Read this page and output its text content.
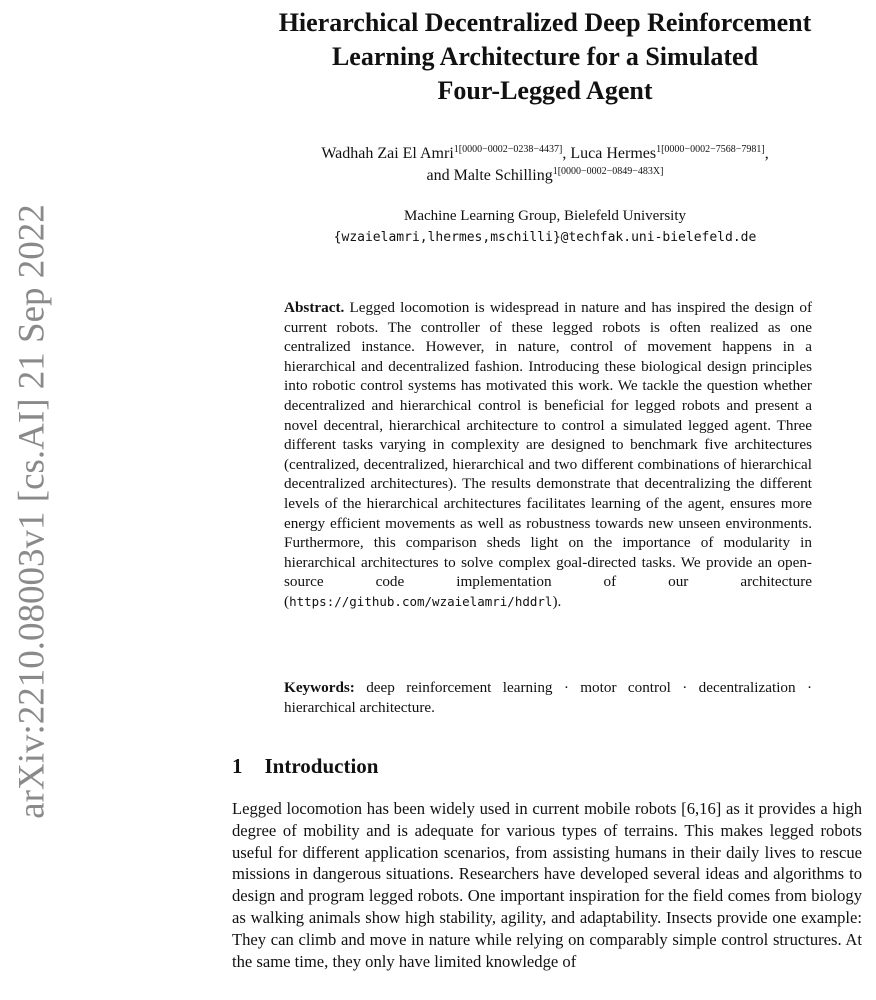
arXiv:2210.08003v1 [cs.AI] 21 Sep 2022
Hierarchical Decentralized Deep Reinforcement
Learning Architecture for a Simulated
Four-Legged Agent
Wadhah Zai El Amri$^{1[0000-0002-0238-4437]}$, Luca Hermes$^{1[0000-0002-7568-7981]}$,
and Malte Schilling$^{1[0000-0002-0849-483X]}$
Machine Learning Group, Bielefeld University
{wzaielamri,lhermes,mschilli}@techfak.uni-bielefeld.de
Abstract. Legged locomotion is widespread in nature and has inspired the design of current robots. The controller of these legged robots is often realized as one centralized instance. However, in nature, control of movement happens in a hierarchical and decentralized fashion. Introducing these biological design principles into robotic control systems has motivated this work. We tackle the question whether decentralized and hierarchical control is beneficial for legged robots and present a novel decentral, hierarchical architecture to control a simulated legged agent. Three different tasks varying in complexity are designed to benchmark five architectures (centralized, decentralized, hierarchical and two different combinations of hierarchical decentralized architectures). The results demonstrate that decentralizing the different levels of the hierarchical architectures facilitates learning of the agent, ensures more energy efficient movements as well as robustness towards new unseen environments. Furthermore, this comparison sheds light on the importance of modularity in hierarchical architectures to solve complex goal-directed tasks. We provide an open-source code implementation of our architecture (https://github.com/wzaielamri/hddrl).
Keywords: deep reinforcement learning · motor control · decentralization · hierarchical architecture.
1 Introduction
Legged locomotion has been widely used in current mobile robots [6,16] as it provides a high degree of mobility and is adequate for various types of terrains. This makes legged robots useful for different application scenarios, from assisting humans in their daily lives to rescue missions in dangerous situations. Researchers have developed several ideas and algorithms to design and program legged robots. One important inspiration for the field comes from biology as walking animals show high stability, agility, and adaptability. Insects provide one example: They can climb and move in nature while relying on comparably simple control structures. At the same time, they only have limited knowledge of
